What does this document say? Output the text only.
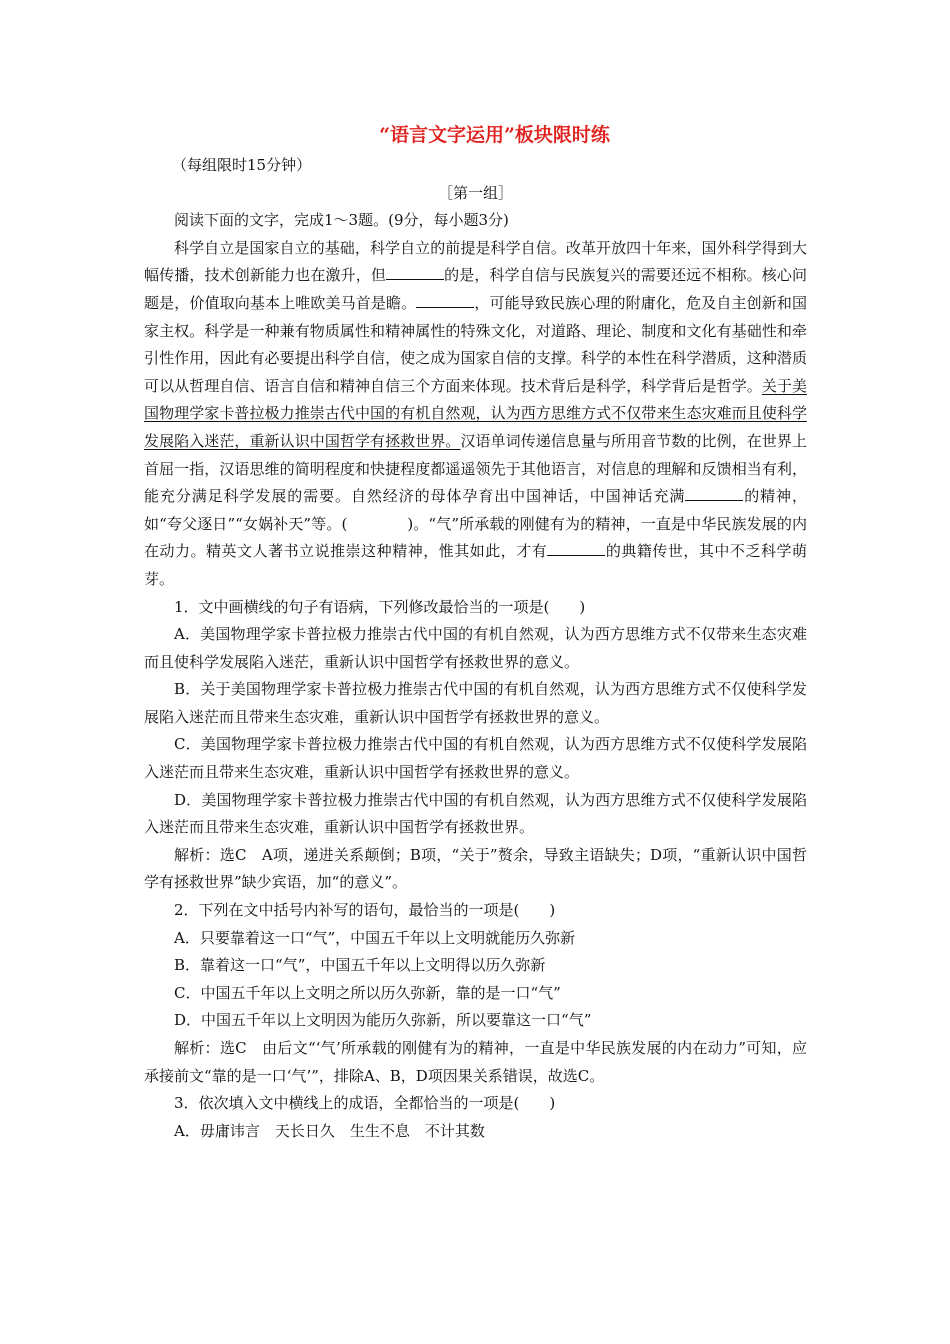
“语言文字运用”板块限时练

（每组限时15分钟）

［第一组］

阅读下面的文字，完成1～3题。(9分，每小题3分)

科学自立是国家自立的基础，科学自立的前提是科学自信。改革开放四十年来，国外科学得到大幅传播，技术创新能力也在激升，但	的是，科学自信与民族复兴的需要还远不相称。核心问题是，价值取向基本上唯欧美马首是瞻。	，可能导致民族心理的附庸化，危及自主创新和国家主权。科学是一种兼有物质属性和精神属性的特殊文化，对道路、理论、制度和文化有基础性和牵引性作用，因此有必要提出科学自信，使之成为国家自信的支撑。科学的本性在科学潜质，这种潜质可以从哲理自信、语言自信和精神自信三个方面来体现。技术背后是科学，科学背后是哲学。关于美国物理学家卡普拉极力推崇古代中国的有机自然观，认为西方思维方式不仅带来生态灾难而且使科学发展陷入迷茫，重新认识中国哲学有拯救世界。汉语单词传递信息量与所用音节数的比例，在世界上首屈一指，汉语思维的简明程度和快捷程度都遥遥领先于其他语言，对信息的理解和反馈相当有利，能充分满足科学发展的需要。自然经济的母体孕育出中国神话，中国神话充满	的精神，如“夸父逐日”“女娲补天”等。(	)。“气”所承载的刚健有为的精神，一直是中华民族发展的内在动力。精英文人著书立说推崇这种精神，惟其如此，才有	的典籍传世，其中不乏科学萌芽。

1．文中画横线的句子有语病，下列修改最恰当的一项是(　　)

A．美国物理学家卡普拉极力推崇古代中国的有机自然观，认为西方思维方式不仅带来生态灾难而且使科学发展陷入迷茫，重新认识中国哲学有拯救世界的意义。

B．关于美国物理学家卡普拉极力推崇古代中国的有机自然观，认为西方思维方式不仅使科学发展陷入迷茫而且带来生态灾难，重新认识中国哲学有拯救世界的意义。

C．美国物理学家卡普拉极力推崇古代中国的有机自然观，认为西方思维方式不仅使科学发展陷入迷茫而且带来生态灾难，重新认识中国哲学有拯救世界的意义。

D．美国物理学家卡普拉极力推崇古代中国的有机自然观，认为西方思维方式不仅使科学发展陷入迷茫而且带来生态灾难，重新认识中国哲学有拯救世界。

解析：选C　A项，递进关系颠倒；B项，“关于”赘余，导致主语缺失；D项，“重新认识中国哲学有拯救世界”缺少宾语，加“的意义”。

2．下列在文中括号内补写的语句，最恰当的一项是(　　)

A．只要靠着这一口“气”，中国五千年以上文明就能历久弥新

B．靠着这一口“气”，中国五千年以上文明得以历久弥新

C．中国五千年以上文明之所以历久弥新，靠的是一口“气”

D．中国五千年以上文明因为能历久弥新，所以要靠这一口“气”

解析：选C　由后文“‘气’所承载的刚健有为的精神，一直是中华民族发展的内在动力”可知，应承接前文“靠的是一口‘气’”，排除A、B，D项因果关系错误，故选C。

3．依次填入文中横线上的成语，全都恰当的一项是(　　)

A．毋庸讳言　天长日久　生生不息　不计其数
